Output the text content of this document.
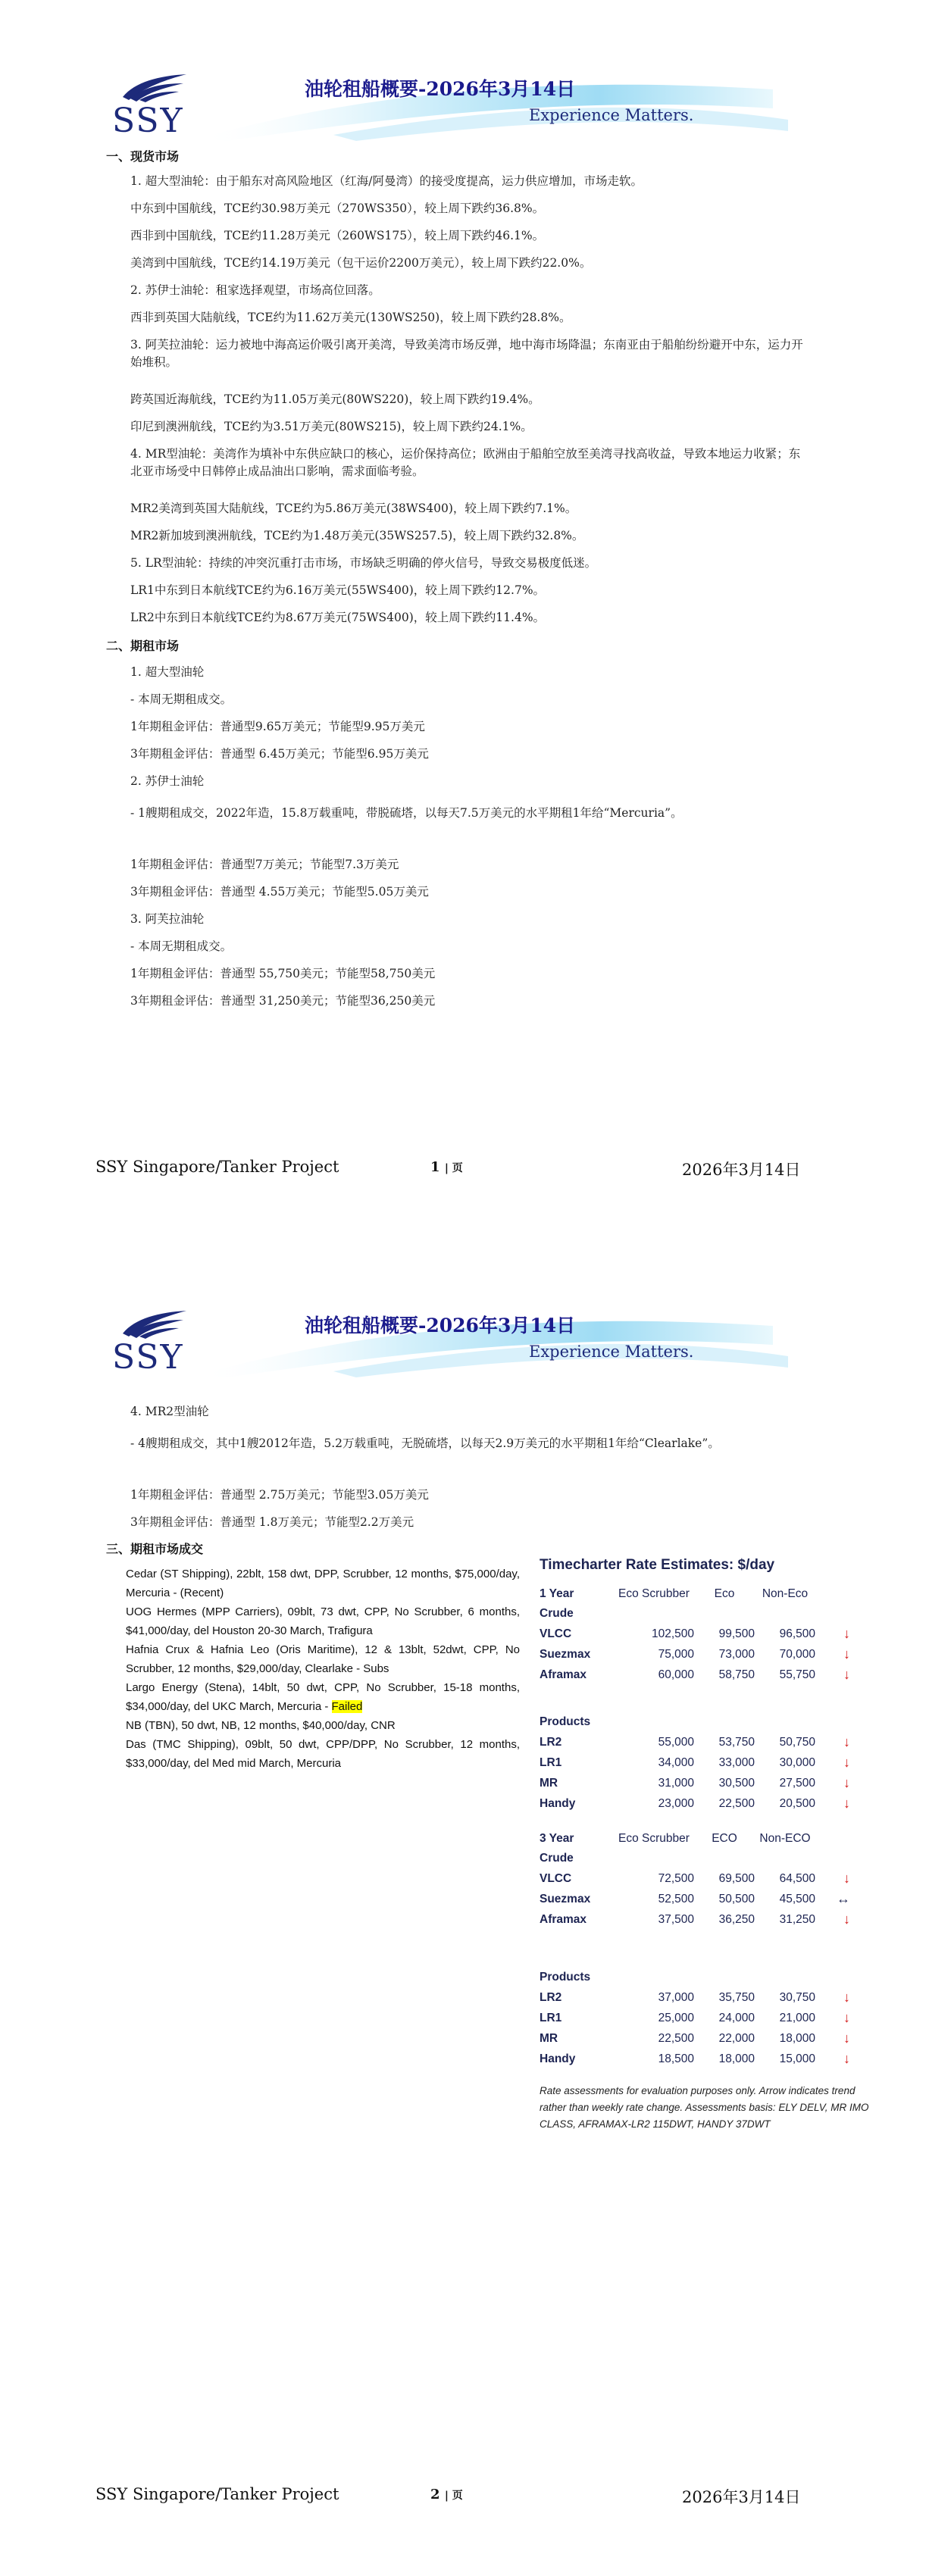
SSY
油轮租船概要-2026年3月14日
Experience Matters.
一、现货市场
1. 超大型油轮：由于船东对高风险地区（红海/阿曼湾）的接受度提高，运力供应增加，市场走软。
中东到中国航线，TCE约30.98万美元（270WS350），较上周下跌约36.8%。
西非到中国航线，TCE约11.28万美元（260WS175），较上周下跌约46.1%。
美湾到中国航线，TCE约14.19万美元（包干运价2200万美元），较上周下跌约22.0%。
2. 苏伊士油轮：租家选择观望，市场高位回落。
西非到英国大陆航线，TCE约为11.62万美元(130WS250)，较上周下跌约28.8%。
3. 阿芙拉油轮：运力被地中海高运价吸引离开美湾，导致美湾市场反弹，地中海市场降温；东南亚由于船舶纷纷避开中东，运力开始堆积。
跨英国近海航线，TCE约为11.05万美元(80WS220)，较上周下跌约19.4%。
印尼到澳洲航线，TCE约为3.51万美元(80WS215)，较上周下跌约24.1%。
4. MR型油轮：美湾作为填补中东供应缺口的核心，运价保持高位；欧洲由于船舶空放至美湾寻找高收益，导致本地运力收紧；东北亚市场受中日韩停止成品油出口影响，需求面临考验。
MR2美湾到英国大陆航线，TCE约为5.86万美元(38WS400)，较上周下跌约7.1%。
MR2新加坡到澳洲航线，TCE约为1.48万美元(35WS257.5)，较上周下跌约32.8%。
5. LR型油轮：持续的冲突沉重打击市场，市场缺乏明确的停火信号，导致交易极度低迷。
LR1中东到日本航线TCE约为6.16万美元(55WS400)，较上周下跌约12.7%。
LR2中东到日本航线TCE约为8.67万美元(75WS400)，较上周下跌约11.4%。
二、期租市场
1. 超大型油轮
- 本周无期租成交。
1年期租金评估：普通型9.65万美元；节能型9.95万美元
3年期租金评估：普通型 6.45万美元；节能型6.95万美元
2. 苏伊士油轮
- 1艘期租成交，2022年造，15.8万载重吨，带脱硫塔，以每天7.5万美元的水平期租1年给“Mercuria”。
1年期租金评估：普通型7万美元；节能型7.3万美元
3年期租金评估：普通型 4.55万美元；节能型5.05万美元
3. 阿芙拉油轮
- 本周无期租成交。
1年期租金评估：普通型 55,750美元；节能型58,750美元
3年期租金评估：普通型 31,250美元；节能型36,250美元
SSY Singapore/Tanker Project	1 | 页	2026年3月14日
SSY
油轮租船概要-2026年3月14日
Experience Matters.
4. MR2型油轮
- 4艘期租成交，其中1艘2012年造，5.2万载重吨，无脱硫塔，以每天2.9万美元的水平期租1年给“Clearlake”。
1年期租金评估：普通型 2.75万美元；节能型3.05万美元
3年期租金评估：普通型 1.8万美元；节能型2.2万美元
三、期租市场成交

Cedar (ST Shipping), 22blt, 158 dwt, DPP, Scrubber, 12 months, $75,000/day, Mercuria - (Recent)

UOG Hermes (MPP Carriers), 09blt, 73 dwt, CPP, No Scrubber, 6 months, $41,000/day, del Houston 20-30 March, Trafigura

Hafnia Crux & Hafnia Leo (Oris Maritime), 12 & 13blt, 52dwt, CPP, No Scrubber, 12 months, $29,000/day, Clearlake - Subs

Largo Energy (Stena), 14blt, 50 dwt, CPP, No Scrubber, 15-18 months, $34,000/day, del UKC March, Mercuria - Failed

NB (TBN), 50 dwt, NB, 12 months, $40,000/day, CNR

Das (TMC Shipping), 09blt, 50 dwt, CPP/DPP, No Scrubber, 12 months, $33,000/day, del Med mid March, Mercuria

Timecharter Rate Estimates: $/day
1 Year	Eco Scrubber	Eco	Non-Eco	
Crude				
VLCC	102,500	99,500	96,500	↓
Suezmax	75,000	73,000	70,000	↓
Aframax	60,000	58,750	55,750	↓

Products				
LR2	55,000	53,750	50,750	↓
LR1	34,000	33,000	30,000	↓
MR	31,000	30,500	27,500	↓
Handy	23,000	22,500	20,500	↓

3 Year	Eco Scrubber	ECO	Non-ECO	
Crude				
VLCC	72,500	69,500	64,500	↓
Suezmax	52,500	50,500	45,500	↔
Aframax	37,500	36,250	31,250	↓

Products				
LR2	37,000	35,750	30,750	↓
LR1	25,000	24,000	21,000	↓
MR	22,500	22,000	18,000	↓
Handy	18,500	18,000	15,000	↓
Rate assessments for evaluation purposes only. Arrow indicates trend rather than weekly rate change. Assessments basis: ELY DELV, MR IMO CLASS, AFRAMAX-LR2 115DWT, HANDY 37DWT
SSY Singapore/Tanker Project	2 | 页	2026年3月14日
